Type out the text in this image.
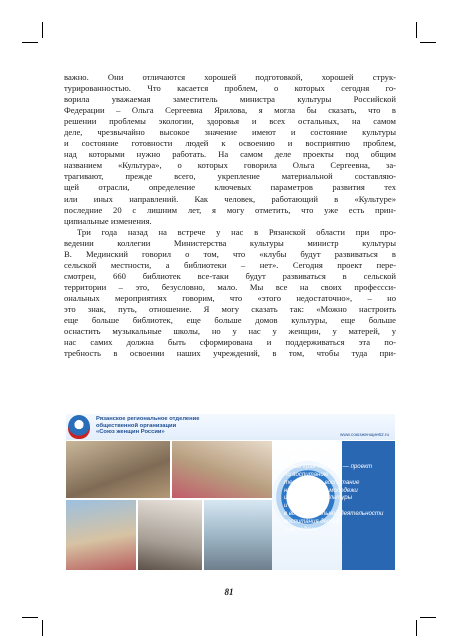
важно. Они отличаются хорошей подготовкой, хорошей струк-
турированностью. Что касается проблем, о которых сегодня го-
ворила уважаемая заместитель министра культуры Российской
Федерации – Ольга Сергеевна Ярилова, я могла бы сказать, что в
решении проблемы экологии, здоровья и всех остальных, на самом
деле, чрезвычайно высокое значение имеют и состояние культуры
и состояние готовности людей к освоению и восприятию проблем,
над которыми нужно работать. На самом деле проекты под общим
названием «Культура», о которых говорила Ольга Сергеевна, за-
трагивают, прежде всего, укрепление материальной составляю-
щей отрасли, определение ключевых параметров развития тех
или иных направлений. Как человек, работающий в «Культуре»
последние 20 с лишним лет, я могу отметить, что уже есть прин-
ципиальные изменения.

Три года назад на встрече у нас в Рязанской области при про-
ведении коллегии Министерства культуры министр культуры
В. Мединский говорил о том, что «клубы будут развиваться в
сельской местности, а библиотеки – нет». Сегодня проект пере-
смотрен, 660 библиотек все-таки будут развиваться в сельской
территории – это, безусловно, мало. Мы все на своих профессси-
ональных мероприятиях говорим, что «этого недостаточно», – но
это знак, путь, отношение. Я могу сказать так: «Можно настроить
еще больше библиотек, еще больше домов культуры, еще больше
оснастить музыкальные школы, но у нас у женщин, у матерей, у
нас самих должна быть сформирована и поддерживаться эта по-
требность в освоении наших учреждений, в том, чтобы туда при-

Рязанское региональное отделение
общественной организации
«Союз женщин России»	www.союзженщин62.ru
«Отчизна моей
родины — охрана
моего края Россия» — проект
по воспитанию
территории, воспитание
наших детей и молодежи
и укрепление культуры
и образования
в воспитательной деятельности
воспитания детей
и молодежи
81
